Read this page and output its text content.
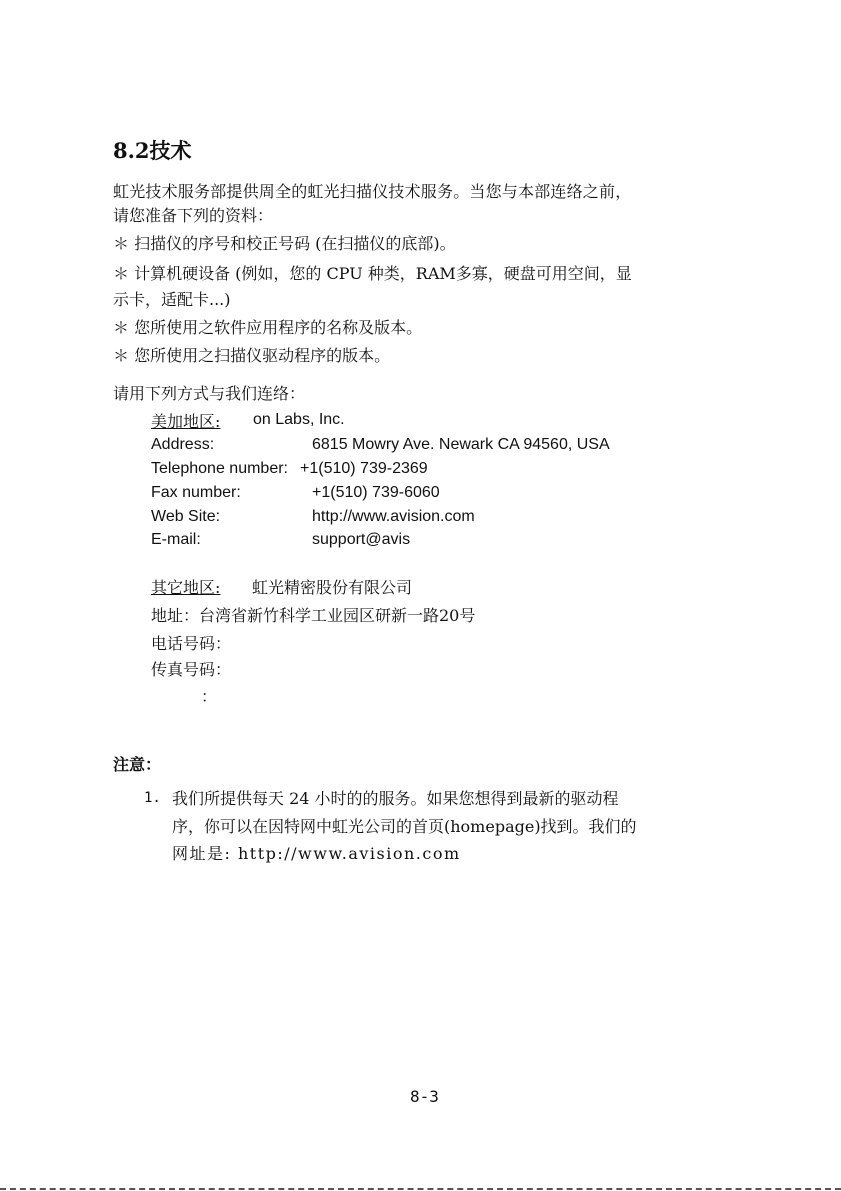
8.2技术
虹光技术服务部提供周全的虹光扫描仪技术服务。当您与本部连络之前，
请您准备下列的资料：
＊ 扫描仪的序号和校正号码 (在扫描仪的底部)。
＊ 计算机硬设备 (例如，您的 CPU 种类，RAM多寡，硬盘可用空间，显
示卡，适配卡...)
＊ 您所使用之软件应用程序的名称及版本。
＊ 您所使用之扫描仪驱动程序的版本。
请用下列方式与我们连络：
美加地区: on Labs, Inc.
Address:	6815 Mowry Ave. Newark CA 94560, USA
Telephone number: +1(510) 739-2369
Fax number:	+1(510) 739-6060
Web Site:	http://www.avision.com
E-mail:	support@avis
其它地区: 虹光精密股份有限公司
地址：台湾省新竹科学工业园区研新一路20号
电话号码：
传真号码：
：
注意：
1. 我们所提供每天 24 小时的的服务。如果您想得到最新的驱动程
序，你可以在因特网中虹光公司的首页(homepage)找到。我们的
网址是: http://www.avision.com
8-3
